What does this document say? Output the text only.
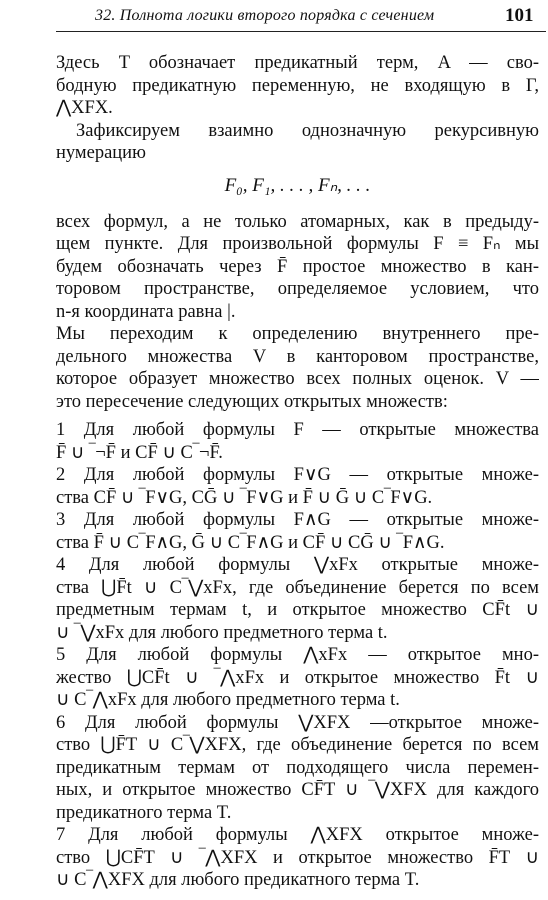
32. Полнота логики второго порядка с сечением	101
Здесь T обозначает предикатный терм, A — сво-
бодную предикатную переменную, не входящую в Γ,
⋀XFX.
Зафиксируем взаимно однозначную рекурсивную
нумерацию
F₀, F₁, . . . , Fₙ, . . .
всех формул, а не только атомарных, как в предыду-
щем пункте. Для произвольной формулы F ≡ Fₙ мы
будем обозначать через F̄ простое множество в кан-
торовом пространстве, определяемое условием, что
n-я координата равна |.
Мы переходим к определению внутреннего пре-
дельного множества V в канторовом пространстве,
которое образует множество всех полных оценок. V —
это пересечение следующих открытых множеств:
1 Для любой формулы F — открытые множества
F̄ ∪ ‾¬F̄ и CF̄ ∪ C‾¬F̄.
2 Для любой формулы F∨G — открытые множе-
ства CF̄ ∪ ‾F∨G, CḠ ∪ ‾F∨G и F̄ ∪ Ḡ ∪ C‾F∨G.
3 Для любой формулы F∧G — открытые множе-
ства F̄ ∪ C‾F∧G, Ḡ ∪ C‾F∧G и CF̄ ∪ CḠ ∪ ‾F∧G.
4 Для любой формулы ⋁xFx открытые множе-
ства ⋃F̄t ∪ C‾⋁xFx, где объединение берется по всем
предметным термам t, и открытое множество CF̄t ∪
∪ ‾⋁xFx для любого предметного терма t.
5 Для любой формулы ⋀xFx — открытое мно-
жество ⋃CF̄t ∪ ‾⋀xFx и открытое множество F̄t ∪
∪ C‾⋀xFx для любого предметного терма t.
6 Для любой формулы ⋁XFX —открытое множе-
ство ⋃F̄T ∪ C‾⋁XFX, где объединение берется по всем
предикатным термам от подходящего числа перемен-
ных, и открытое множество CF̄T ∪ ‾⋁XFX для каждого
предикатного терма T.
7 Для любой формулы ⋀XFX открытое множе-
ство ⋃CF̄T ∪ ‾⋀XFX и открытое множество F̄T ∪
∪ C‾⋀XFX для любого предикатного терма T.
